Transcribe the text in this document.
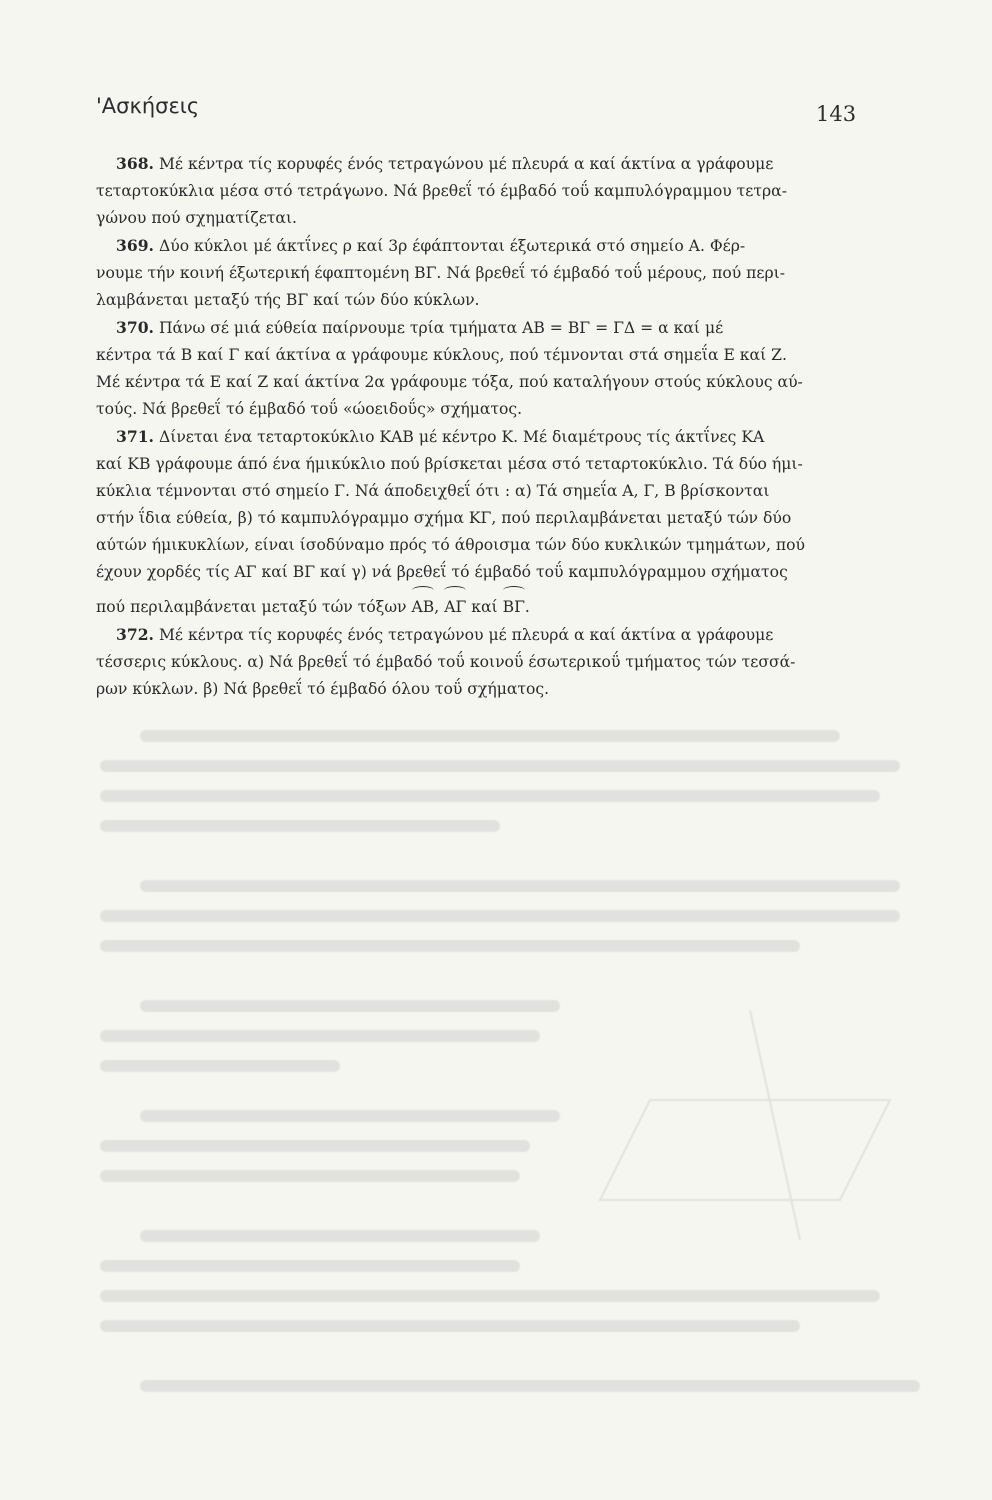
'Ασκήσεις	143
368. Μέ κέντρα τίς κορυφές ένός τετραγώνου μέ πλευρά α καί άκτίνα α γράφουμε
τεταρτοκύκλια μέσα στό τετράγωνο. Νά βρεθεΐ τό έμβαδό τοΰ καμπυλόγραμμου τετρα-
γώνου πού σχηματίζεται.
369. Δύο κύκλοι μέ άκτΐνες ρ καί 3ρ έφάπτονται έξωτερικά στό σημείο Α. Φέρ-
νουμε τήν κοινή έξωτερική έφαπτομένη ΒΓ. Νά βρεθεΐ τό έμβαδό τοΰ μέρους, πού περι-
λαμβάνεται μεταξύ τής ΒΓ καί τών δύο κύκλων.
370. Πάνω σέ μιά εύθεία παίρνουμε τρία τμήματα ΑΒ = ΒΓ = ΓΔ = α καί μέ
κέντρα τά Β καί Γ καί άκτίνα α γράφουμε κύκλους, πού τέμνονται στά σημεΐα Ε καί Ζ.
Μέ κέντρα τά Ε καί Ζ καί άκτίνα 2α γράφουμε τόξα, πού καταλήγουν στούς κύκλους αύ-
τούς. Νά βρεθεΐ τό έμβαδό τοΰ «ώοειδοΰς» σχήματος.
371. Δίνεται ένα τεταρτοκύκλιο ΚΑΒ μέ κέντρο Κ. Μέ διαμέτρους τίς άκτΐνες ΚΑ
καί ΚΒ γράφουμε άπό ένα ήμικύκλιο πού βρίσκεται μέσα στό τεταρτοκύκλιο. Τά δύο ήμι-
κύκλια τέμνονται στό σημείο Γ. Νά άποδειχθεΐ ότι : α) Τά σημεΐα Α, Γ, Β βρίσκονται
στήν ΐδια εύθεία, β) τό καμπυλόγραμμο σχήμα ΚΓ, πού περιλαμβάνεται μεταξύ τών δύο
αύτών ήμικυκλίων, είναι ίσοδύναμο πρός τό άθροισμα τών δύο κυκλικών τμημάτων, πού
έχουν χορδές τίς ΑΓ καί ΒΓ καί γ) νά βρεθεΐ τό έμβαδό τοΰ καμπυλόγραμμου σχήματος
πού περιλαμβάνεται μεταξύ τών τόξων ΑΒ, ΑΓ καί ΒΓ.
372. Μέ κέντρα τίς κορυφές ένός τετραγώνου μέ πλευρά α καί άκτίνα α γράφουμε
τέσσερις κύκλους. α) Νά βρεθεΐ τό έμβαδό τοΰ κοινοΰ έσωτερικοΰ τμήματος τών τεσσά-
ρων κύκλων. β) Νά βρεθεΐ τό έμβαδό όλου τοΰ σχήματος.
